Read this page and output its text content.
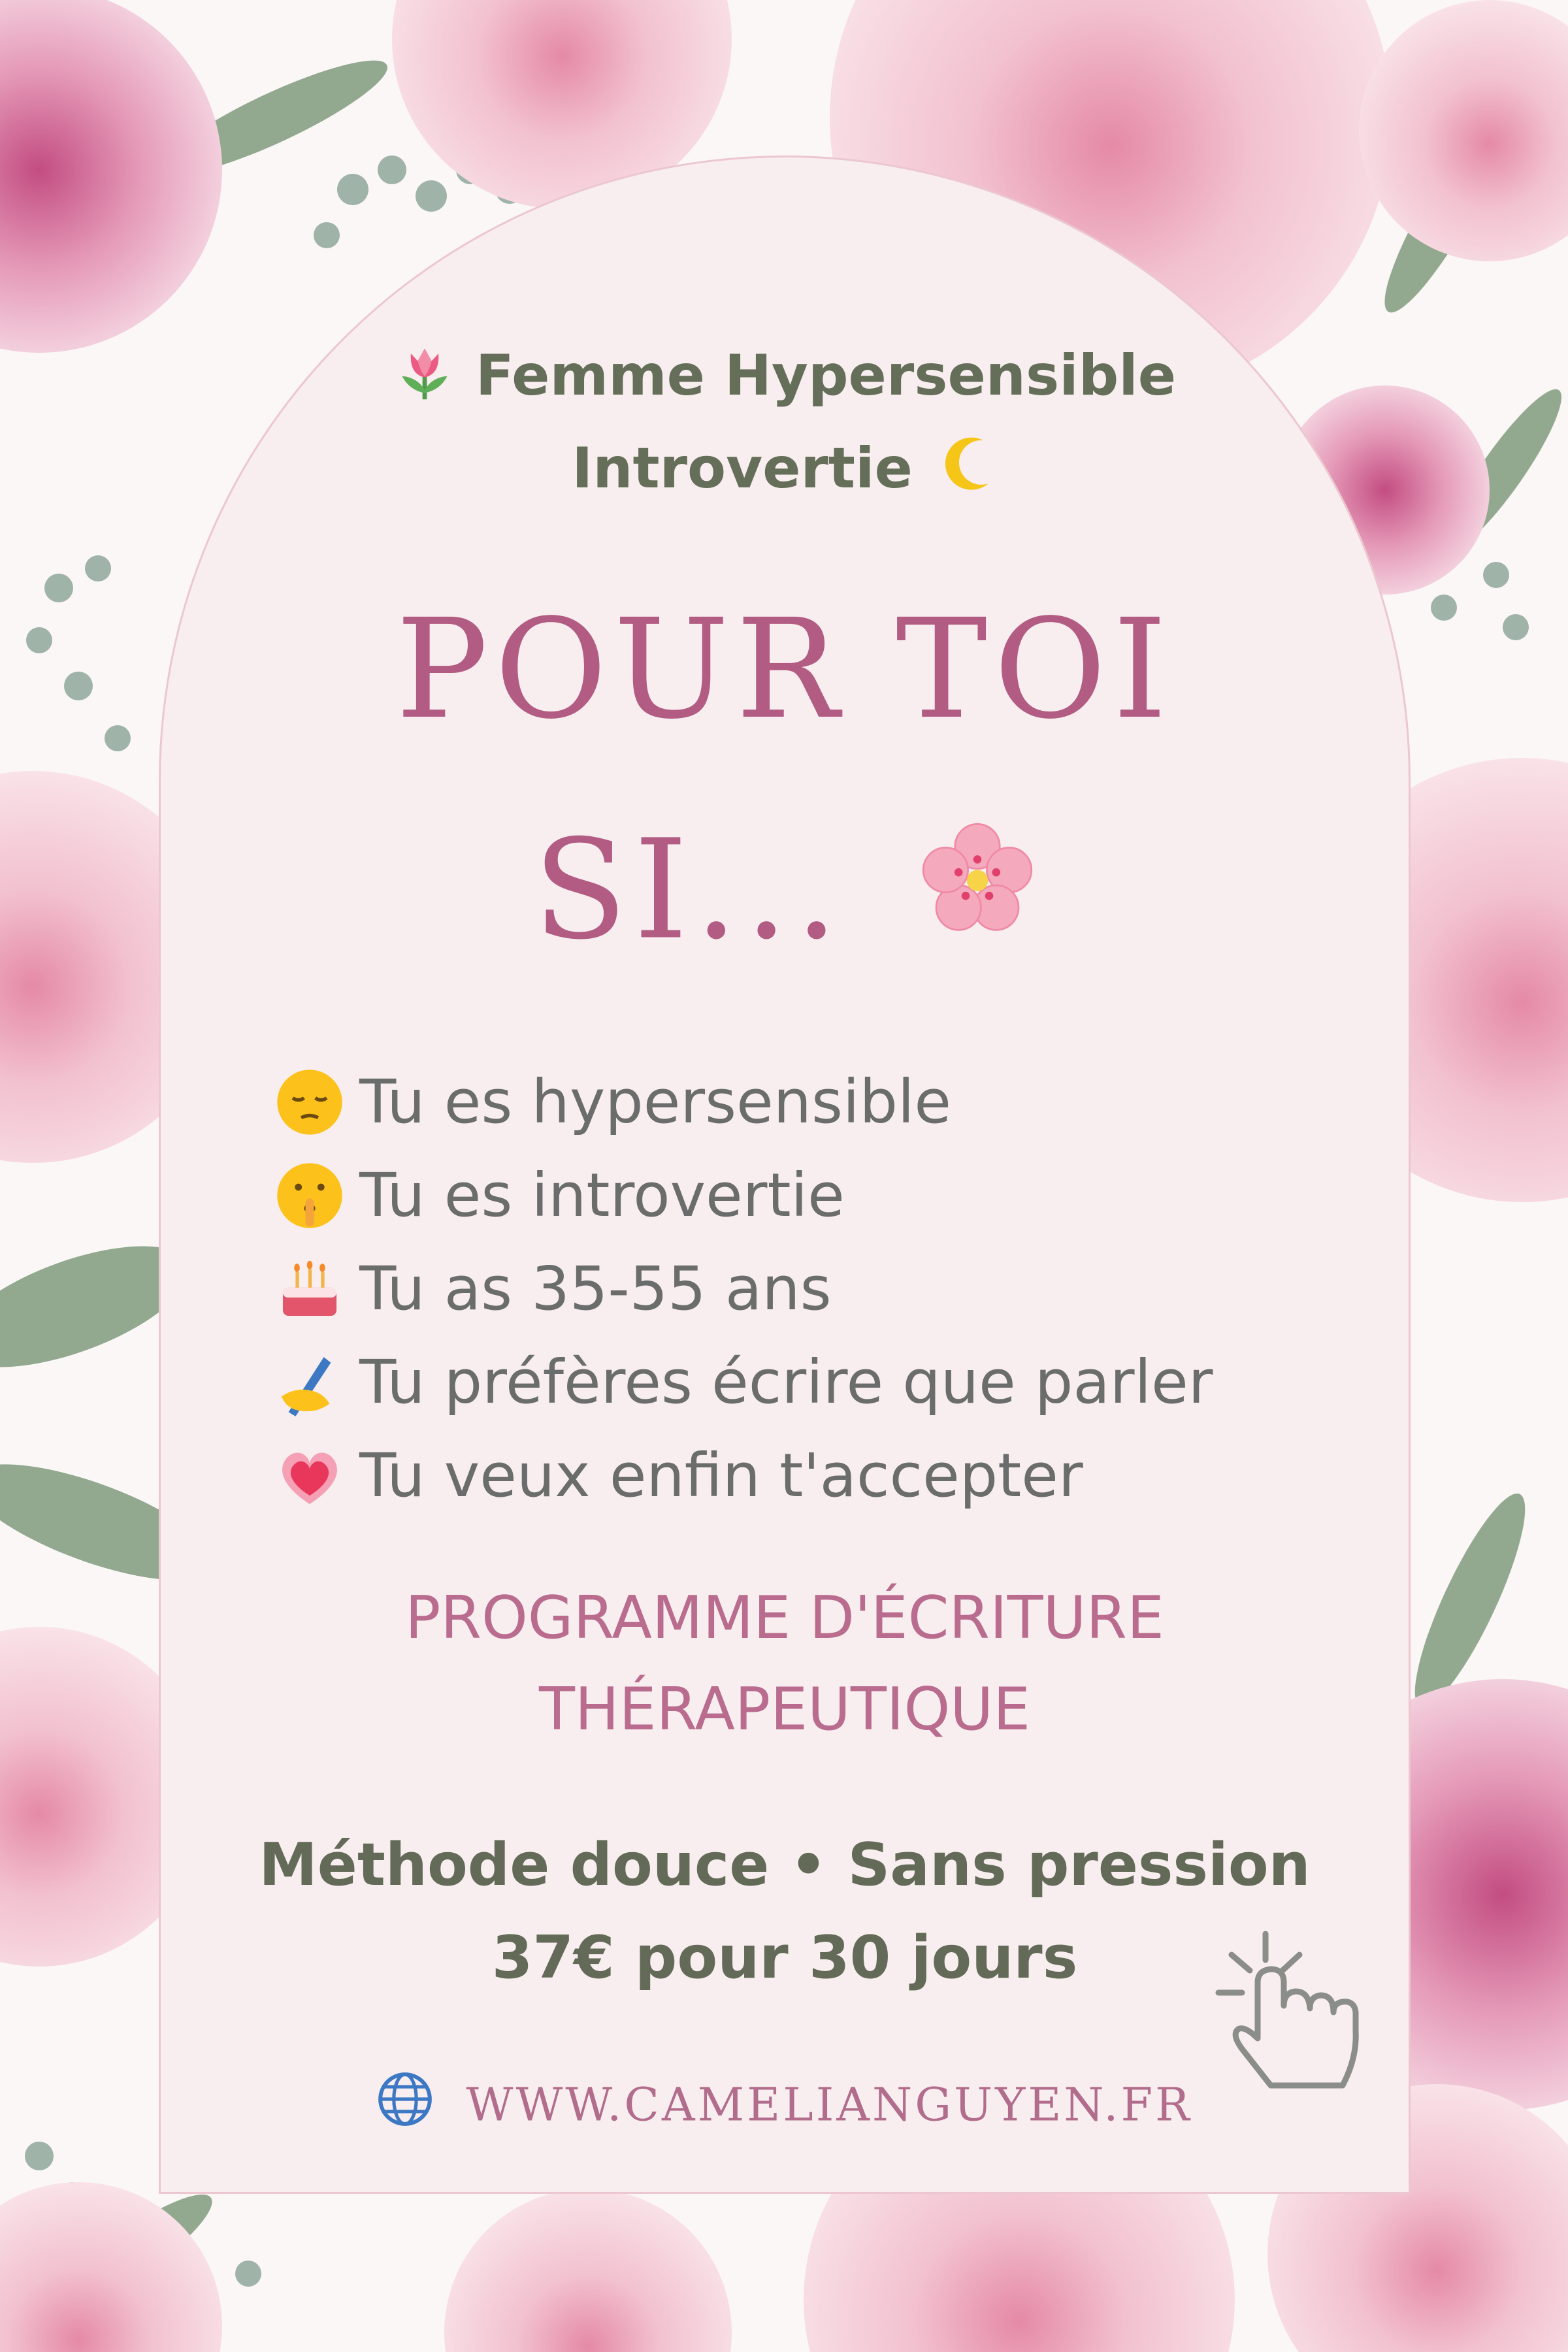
Femme Hypersensible
Introvertie
POUR TOI
SI...
Tu es hypersensible
Tu es introvertie
Tu as 35-55 ans
Tu préfères écrire que parler
Tu veux enfin t'accepter
PROGRAMME D'ÉCRITURE
THÉRAPEUTIQUE
Méthode douce • Sans pression
37€ pour 30 jours
WWW.CAMELIANGUYEN.FR
